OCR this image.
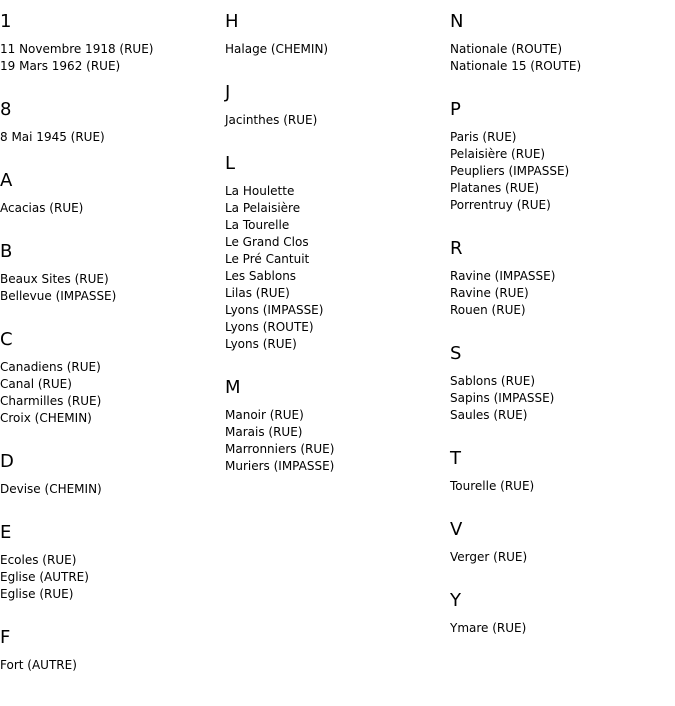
1
11 Novembre 1918 (RUE)
19 Mars 1962 (RUE)
8
8 Mai 1945 (RUE)
A
Acacias (RUE)
B
Beaux Sites (RUE)
Bellevue (IMPASSE)
C
Canadiens (RUE)
Canal (RUE)
Charmilles (RUE)
Croix (CHEMIN)
D
Devise (CHEMIN)
E
Ecoles (RUE)
Eglise (AUTRE)
Eglise (RUE)
F
Fort (AUTRE)
H
Halage (CHEMIN)
J
Jacinthes (RUE)
L
La Houlette
La Pelaisière
La Tourelle
Le Grand Clos
Le Pré Cantuit
Les Sablons
Lilas (RUE)
Lyons (IMPASSE)
Lyons (ROUTE)
Lyons (RUE)
M
Manoir (RUE)
Marais (RUE)
Marronniers (RUE)
Muriers (IMPASSE)
N
Nationale (ROUTE)
Nationale 15 (ROUTE)
P
Paris (RUE)
Pelaisière (RUE)
Peupliers (IMPASSE)
Platanes (RUE)
Porrentruy (RUE)
R
Ravine (IMPASSE)
Ravine (RUE)
Rouen (RUE)
S
Sablons (RUE)
Sapins (IMPASSE)
Saules (RUE)
T
Tourelle (RUE)
V
Verger (RUE)
Y
Ymare (RUE)
